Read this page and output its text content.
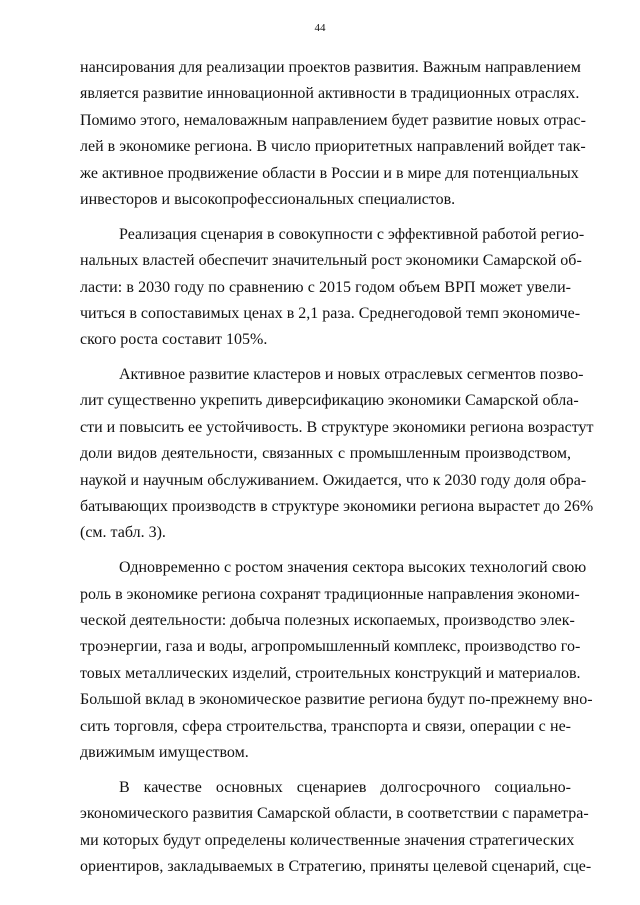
44
нансирования для реализации проектов развития. Важным направлением
является развитие инновационной активности в традиционных отраслях.
Помимо этого, немаловажным направлением будет развитие новых отрас-
лей в экономике региона. В число приоритетных направлений войдет так-
же активное продвижение области в России и в мире для потенциальных
инвесторов и высокопрофессиональных специалистов.
Реализация сценария в совокупности с эффективной работой регио-
нальных властей обеспечит значительный рост экономики Самарской об-
ласти: в 2030 году по сравнению с 2015 годом объем ВРП может увели-
читься в сопоставимых ценах в 2,1 раза. Среднегодовой темп экономиче-
ского роста составит 105%.
Активное развитие кластеров и новых отраслевых сегментов позво-
лит существенно укрепить диверсификацию экономики Самарской обла-
сти и повысить ее устойчивость. В структуре экономики региона возрастут
доли видов деятельности, связанных с промышленным производством,
наукой и научным обслуживанием. Ожидается, что к 2030 году доля обра-
батывающих производств в структуре экономики региона вырастет до 26%
(см. табл. 3).
Одновременно с ростом значения сектора высоких технологий свою
роль в экономике региона сохранят традиционные направления экономи-
ческой деятельности: добыча полезных ископаемых, производство элек-
троэнергии, газа и воды, агропромышленный комплекс, производство го-
товых металлических изделий, строительных конструкций и материалов.
Большой вклад в экономическое развитие региона будут по-прежнему вно-
сить торговля, сфера строительства, транспорта и связи, операции с не-
движимым имуществом.
В качестве основных сценариев долгосрочного социально-
экономического развития Самарской области, в соответствии с параметра-
ми которых будут определены количественные значения стратегических
ориентиров, закладываемых в Стратегию, приняты целевой сценарий, сце-
